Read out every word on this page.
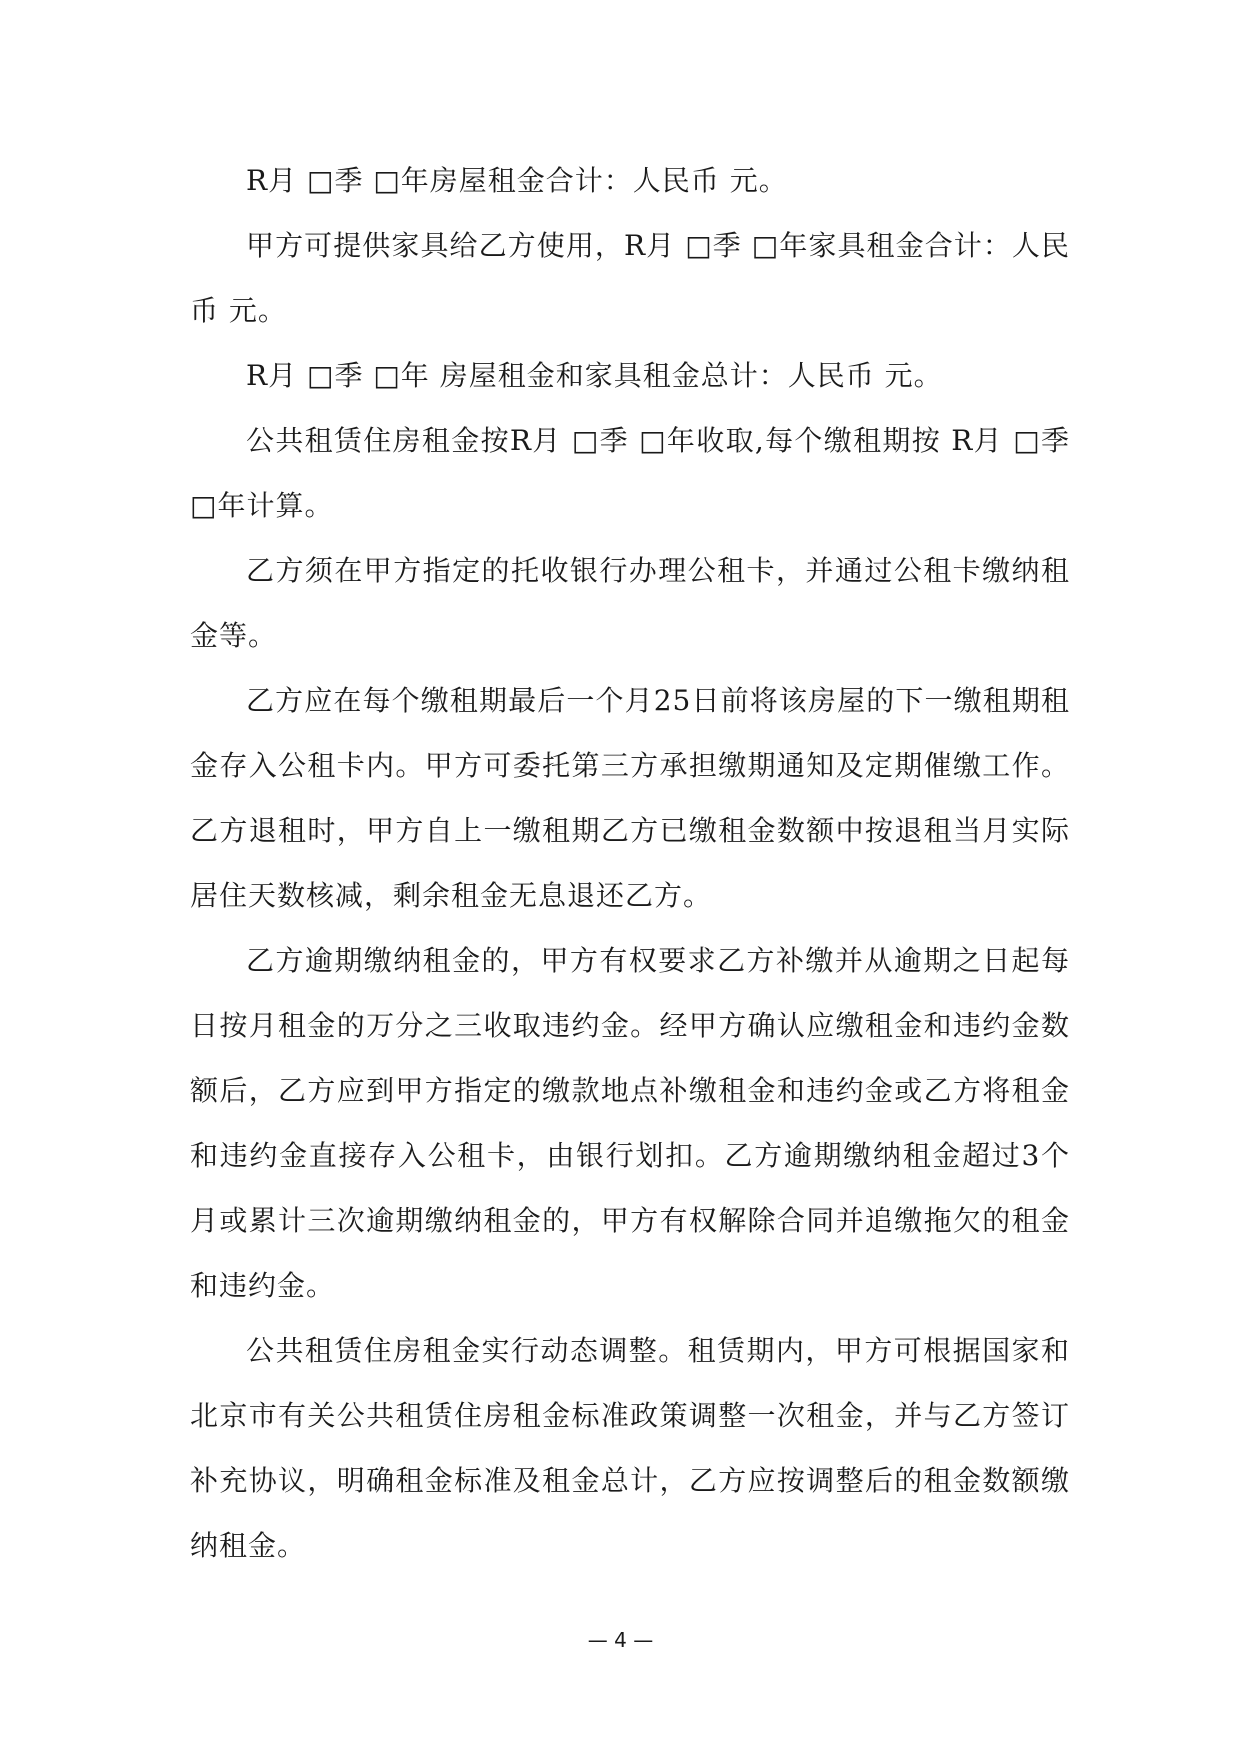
R月 □季 □年房屋租金合计：人民币 元。

甲方可提供家具给乙方使用，R月 □季 □年家具租金合计：人民币 元。

R月 □季 □年 房屋租金和家具租金总计：人民币 元。

公共租赁住房租金按R月 □季 □年收取,每个缴租期按 R月 □季 □年计算。

乙方须在甲方指定的托收银行办理公租卡，并通过公租卡缴纳租金等。

乙方应在每个缴租期最后一个月25日前将该房屋的下一缴租期租金存入公租卡内。甲方可委托第三方承担缴期通知及定期催缴工作。乙方退租时，甲方自上一缴租期乙方已缴租金数额中按退租当月实际居住天数核减，剩余租金无息退还乙方。

乙方逾期缴纳租金的，甲方有权要求乙方补缴并从逾期之日起每日按月租金的万分之三收取违约金。经甲方确认应缴租金和违约金数额后，乙方应到甲方指定的缴款地点补缴租金和违约金或乙方将租金和违约金直接存入公租卡，由银行划扣。乙方逾期缴纳租金超过3个月或累计三次逾期缴纳租金的，甲方有权解除合同并追缴拖欠的租金和违约金。

公共租赁住房租金实行动态调整。租赁期内，甲方可根据国家和北京市有关公共租赁住房租金标准政策调整一次租金，并与乙方签订补充协议，明确租金标准及租金总计，乙方应按调整后的租金数额缴纳租金。

— 4 —
